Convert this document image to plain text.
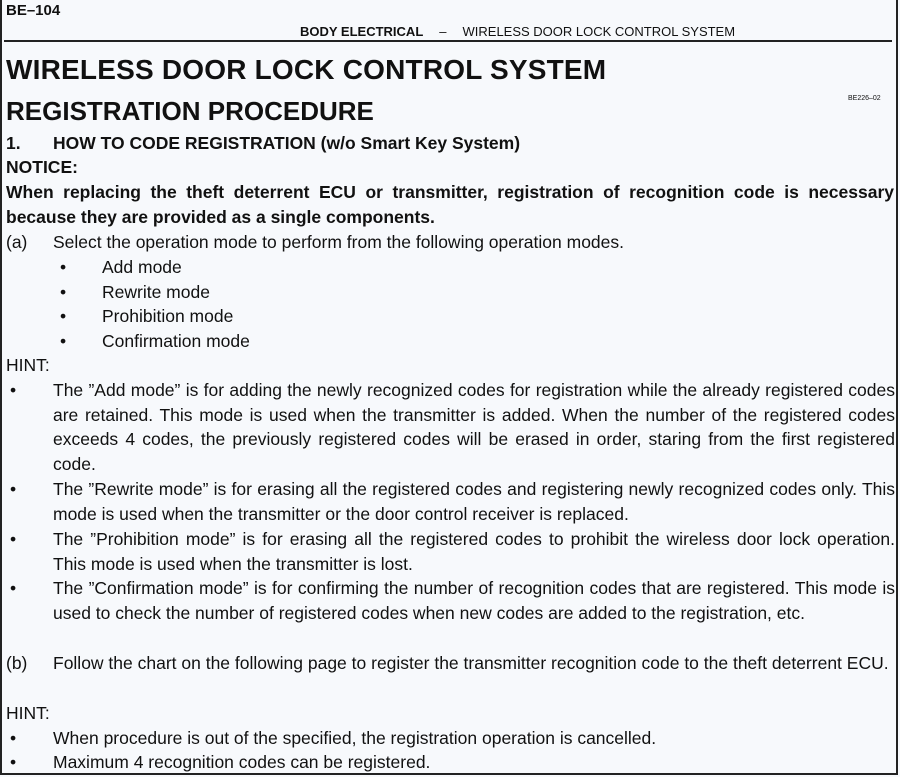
BE–104
BODY ELECTRICAL – WIRELESS DOOR LOCK CONTROL SYSTEM
WIRELESS DOOR LOCK CONTROL SYSTEM
REGISTRATION PROCEDURE	BE226–02
1. HOW TO CODE REGISTRATION (w/o Smart Key System)
NOTICE:
When replacing the theft deterrent ECU or transmitter, registration of recognition code is necessary because they are provided as a single components.
(a) Select the operation mode to perform from the following operation modes.
• Add mode
• Rewrite mode
• Prohibition mode
• Confirmation mode
HINT:
• The ”Add mode” is for adding the newly recognized codes for registration while the already registered codes are retained. This mode is used when the transmitter is added. When the number of the registered codes exceeds 4 codes, the previously registered codes will be erased in order, staring from the first registered code.
• The ”Rewrite mode” is for erasing all the registered codes and registering newly recognized codes only. This mode is used when the transmitter or the door control receiver is replaced.
• The ”Prohibition mode” is for erasing all the registered codes to prohibit the wireless door lock operation. This mode is used when the transmitter is lost.
• The ”Confirmation mode” is for confirming the number of recognition codes that are registered. This mode is used to check the number of registered codes when new codes are added to the registration, etc.
(b) Follow the chart on the following page to register the transmitter recognition code to the theft deterrent ECU.
HINT:
• When procedure is out of the specified, the registration operation is cancelled.
• Maximum 4 recognition codes can be registered.
